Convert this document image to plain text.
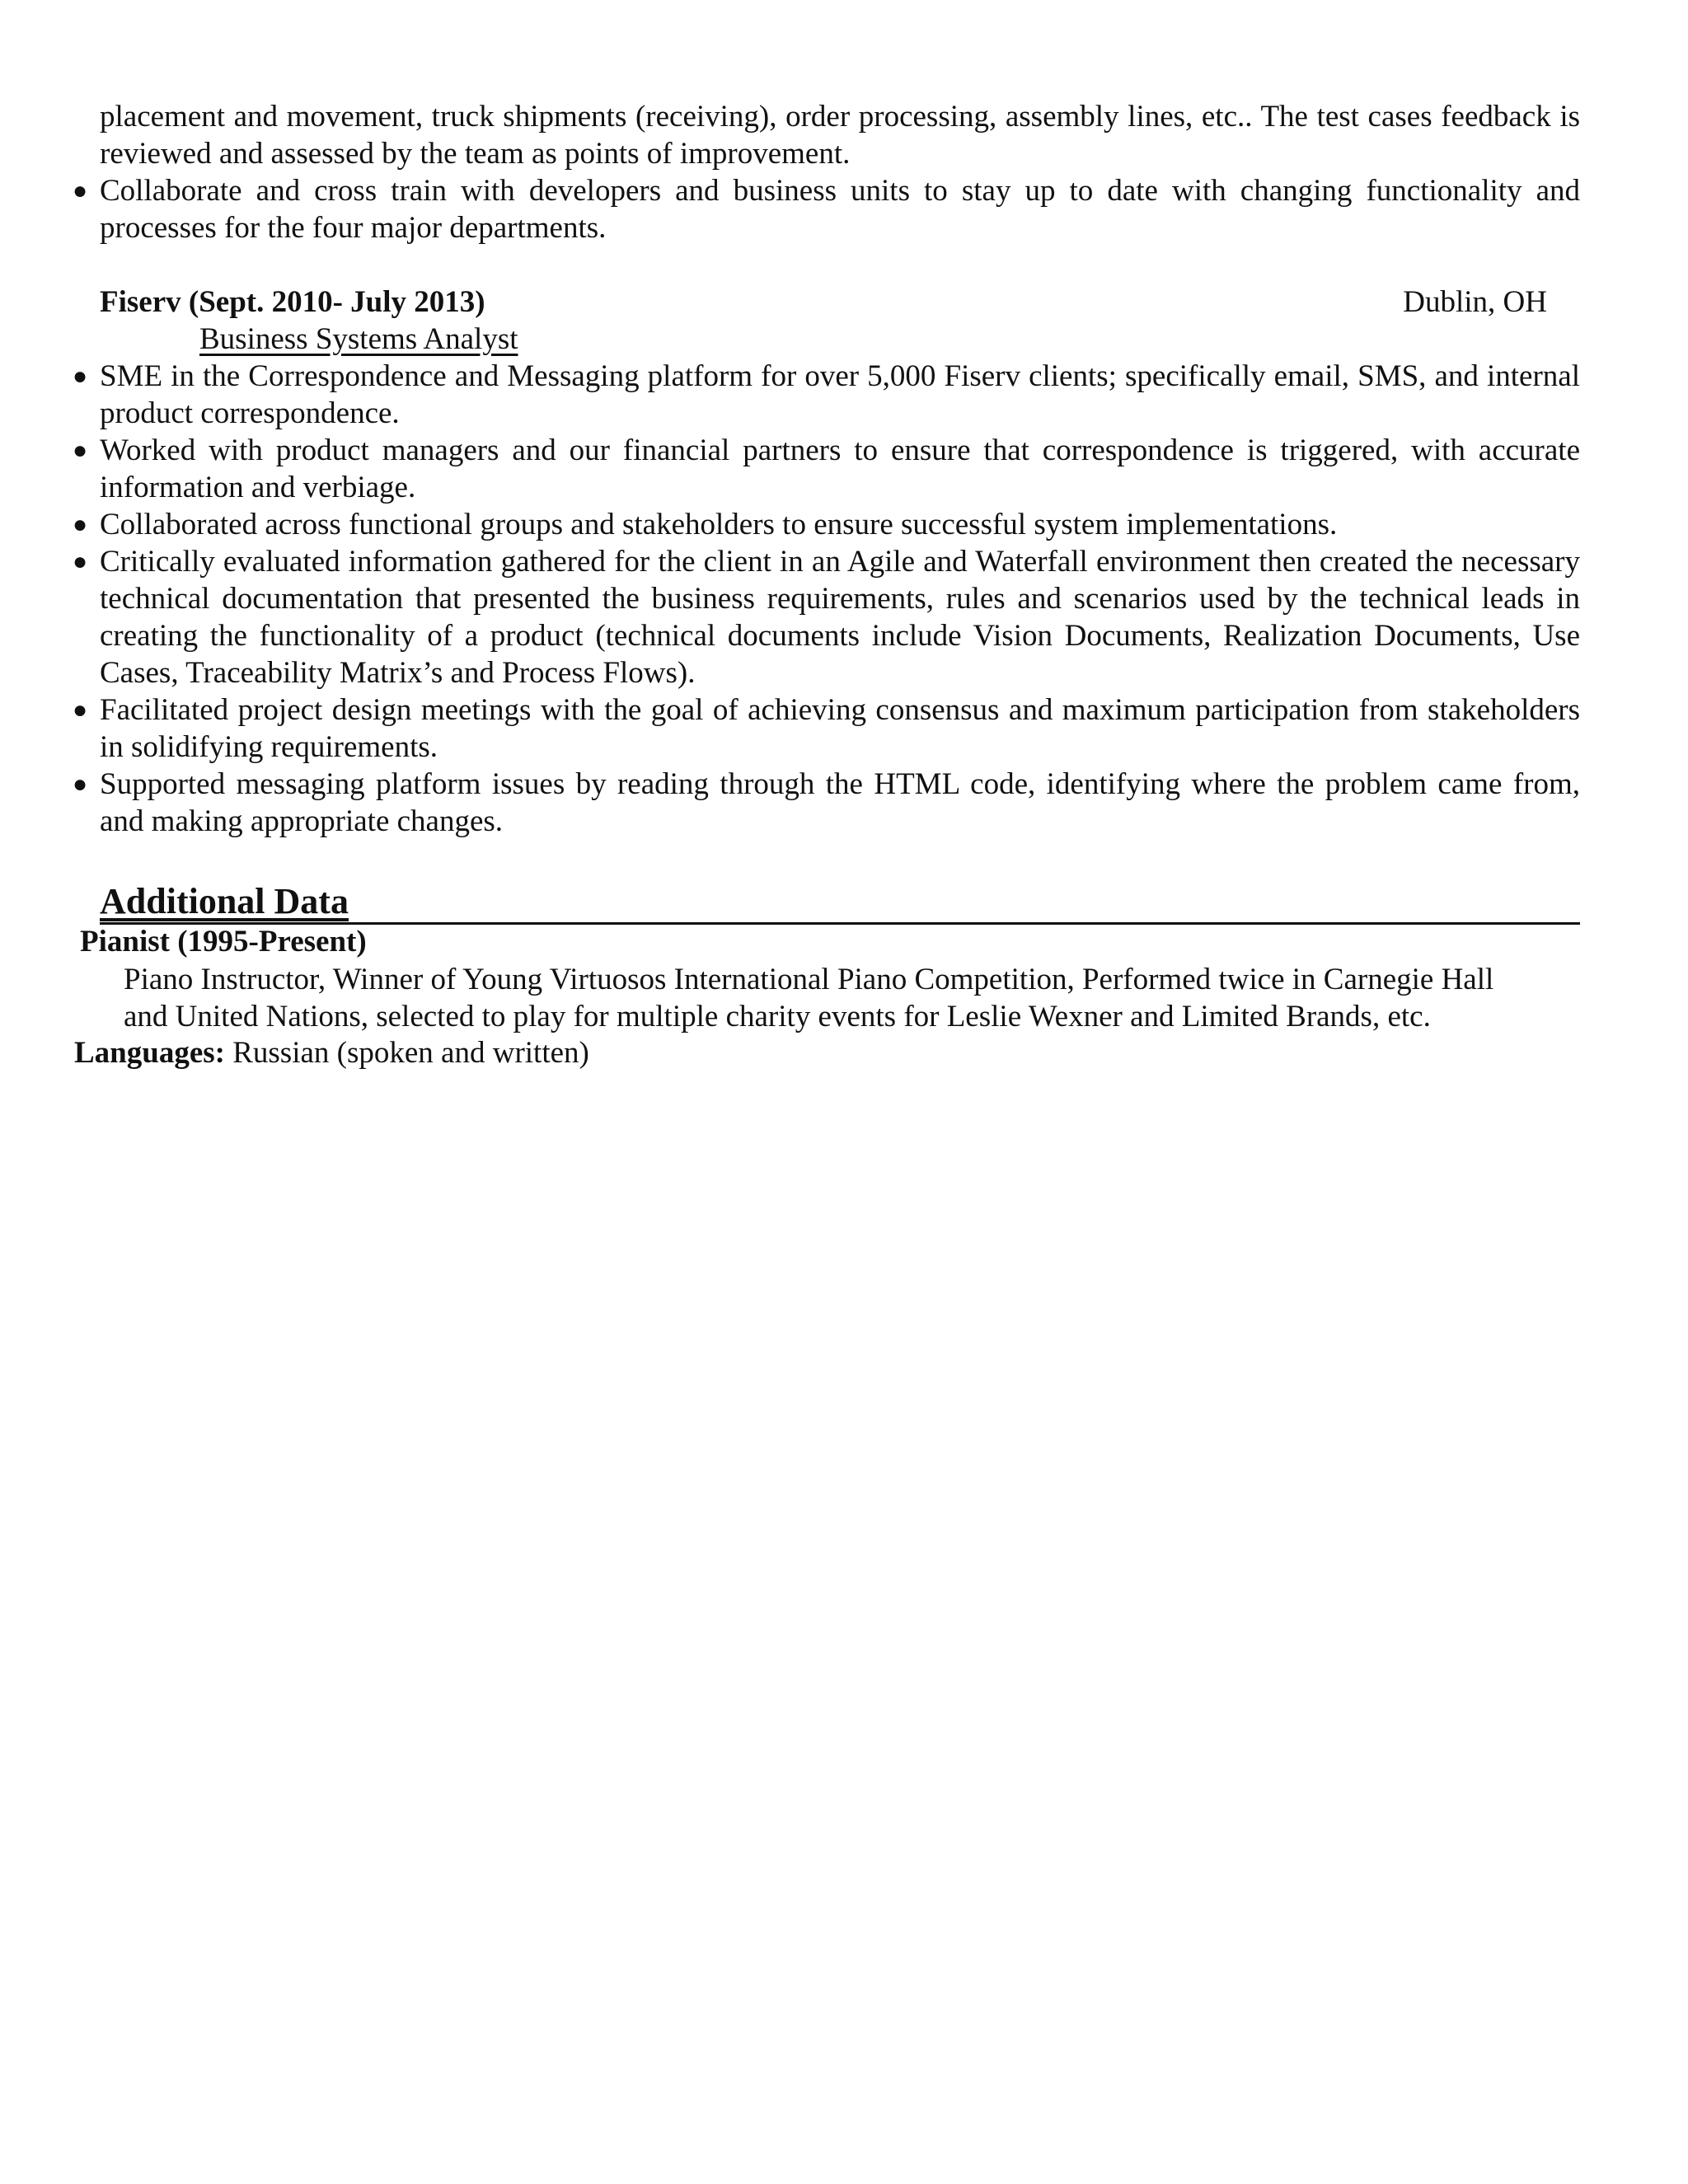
placement and movement, truck shipments (receiving), order processing, assembly lines, etc.. The test cases feedback is reviewed and assessed by the team as points of improvement.
● Collaborate and cross train with developers and business units to stay up to date with changing functionality and processes for the four major departments.
Fiserv (Sept. 2010- July 2013)	Dublin, OH
Business Systems Analyst
● SME in the Correspondence and Messaging platform for over 5,000 Fiserv clients; specifically email, SMS, and internal product correspondence.
● Worked with product managers and our financial partners to ensure that correspondence is triggered, with accurate information and verbiage.
● Collaborated across functional groups and stakeholders to ensure successful system implementations.
● Critically evaluated information gathered for the client in an Agile and Waterfall environment then created the necessary technical documentation that presented the business requirements, rules and scenarios used by the technical leads in creating the functionality of a product (technical documents include Vision Documents, Realization Documents, Use Cases, Traceability Matrix’s and Process Flows).
● Facilitated project design meetings with the goal of achieving consensus and maximum participation from stakeholders in solidifying requirements.
● Supported messaging platform issues by reading through the HTML code, identifying where the problem came from, and making appropriate changes.
Additional Data
Pianist (1995-Present)
Piano Instructor, Winner of Young Virtuosos International Piano Competition, Performed twice in Carnegie Hall
and United Nations, selected to play for multiple charity events for Leslie Wexner and Limited Brands, etc.
Languages: Russian (spoken and written)
